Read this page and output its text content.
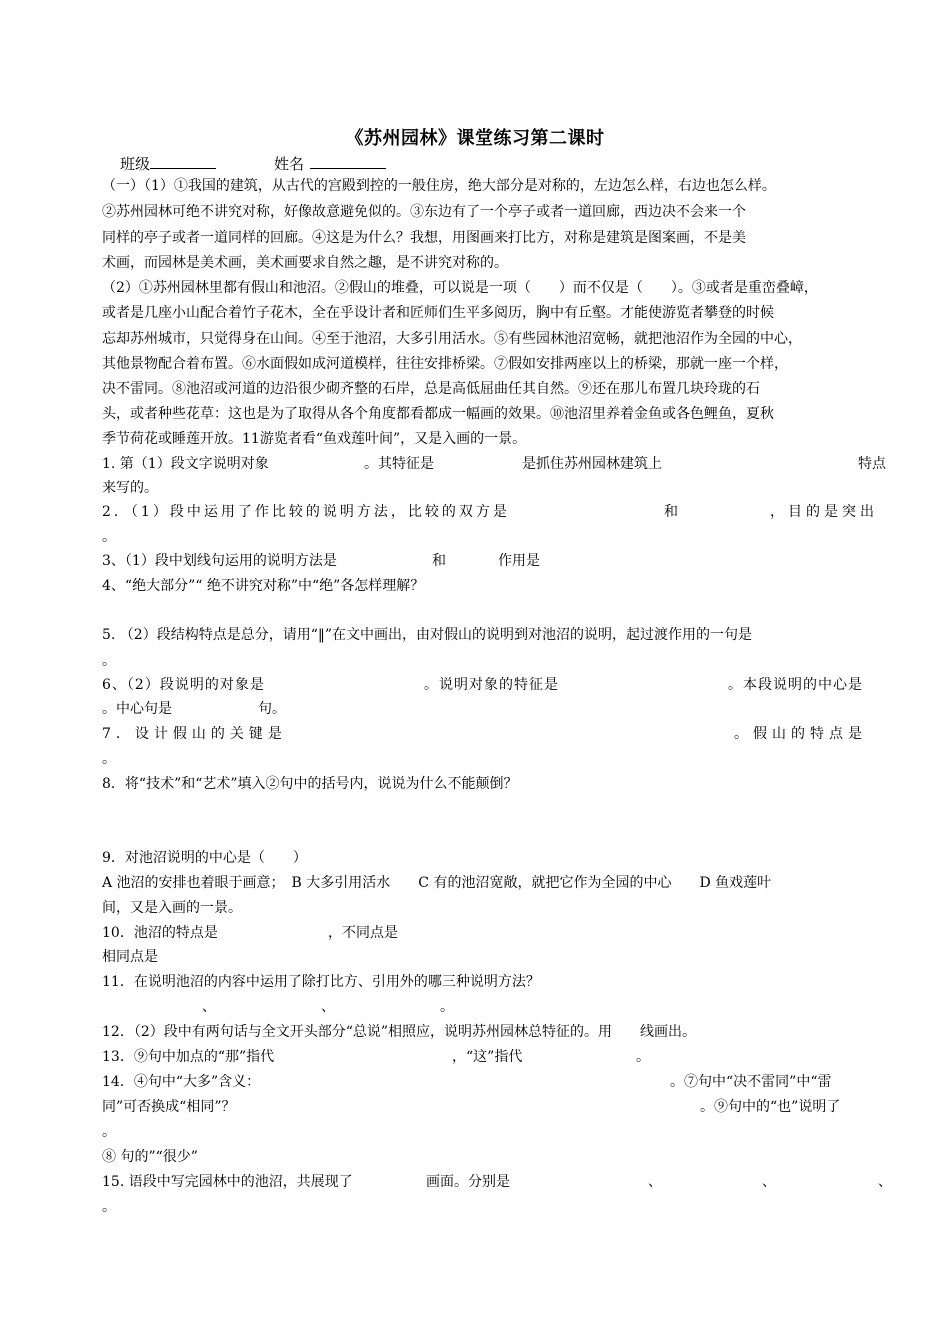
《苏州园林》课堂练习第二课时
班级	姓名
（一）（1）①我国的建筑，从古代的宫殿到控的一般住房，绝大部分是对称的，左边怎么样，右边也怎么样。
②苏州园林可绝不讲究对称，好像故意避免似的。③东边有了一个亭子或者一道回廊，西边决不会来一个
同样的亭子或者一道同样的回廊。④这是为什么？我想，用图画来打比方，对称是建筑是图案画，不是美
术画，而园林是美术画，美术画要求自然之趣，是不讲究对称的。
（2）①苏州园林里都有假山和池沼。②假山的堆叠，可以说是一项（　　）而不仅是（　　）。③或者是重峦叠嶂，
或者是几座小山配合着竹子花木，全在乎设计者和匠师们生平多阅历，胸中有丘壑。才能使游览者攀登的时候
忘却苏州城市，只觉得身在山间。④至于池沼，大多引用活水。⑤有些园林池沼宽畅，就把池沼作为全园的中心，
其他景物配合着布置。⑥水面假如成河道模样，往往安排桥梁。⑦假如安排两座以上的桥梁，那就一座一个样，
决不雷同。⑧池沼或河道的边沿很少砌齐整的石岸，总是高低屈曲任其自然。⑨还在那儿布置几块玲珑的石
头，或者种些花草：这也是为了取得从各个角度都看都成一幅画的效果。⑩池沼里养着金鱼或各色鲤鱼，夏秋
季节荷花或睡莲开放。11游览者看“鱼戏莲叶间”，又是入画的一景。
1. 第（1）段文字说明对象	。其特征是	是抓住苏州园林建筑上	特点
来写的。
2．（1）段中运用了作比较的说明方法，比较的双方是	和	，目的是突出
。
3、（1）段中划线句运用的说明方法是	和	作用是
4、“绝大部分”“ 绝不讲究对称”中“绝”各怎样理解？
5. （2）段结构特点是总分，请用“‖”在文中画出，由对假山的说明到对池沼的说明，起过渡作用的一句是
。
6、（2）段说明的对象是	。说明对象的特征是	。本段说明的中心是
。中心句是	句。
7．设计假山的关键是	。假山的特点是
。
8．将“技术”和“艺术”填入②句中的括号内，说说为什么不能颠倒？
9．对池沼说明的中心是（　　）
A 池沼的安排也着眼于画意；　B 大多引用活水　　C 有的池沼宽敞，就把它作为全园的中心　　D 鱼戏莲叶
间，又是入画的一景。
10．池沼的特点是	，不同点是
相同点是
11．在说明池沼的内容中运用了除打比方、引用外的哪三种说明方法？
、　　　　　　　　、　　　　　　　　。
12．（2）段中有两句话与全文开头部分“总说”相照应，说明苏州园林总特征的。用　　线画出。
13．⑨句中加点的“那”指代	，“这”指代	。
14．④句中“大多”含义：	。⑦句中“决不雷同”中“雷
同”可否换成“相同”？	。⑨句中的“也”说明了
。
⑧ 句的”“很少”
15. 语段中写完园林中的池沼，共展现了	画面。分别是	、	、	、
。
